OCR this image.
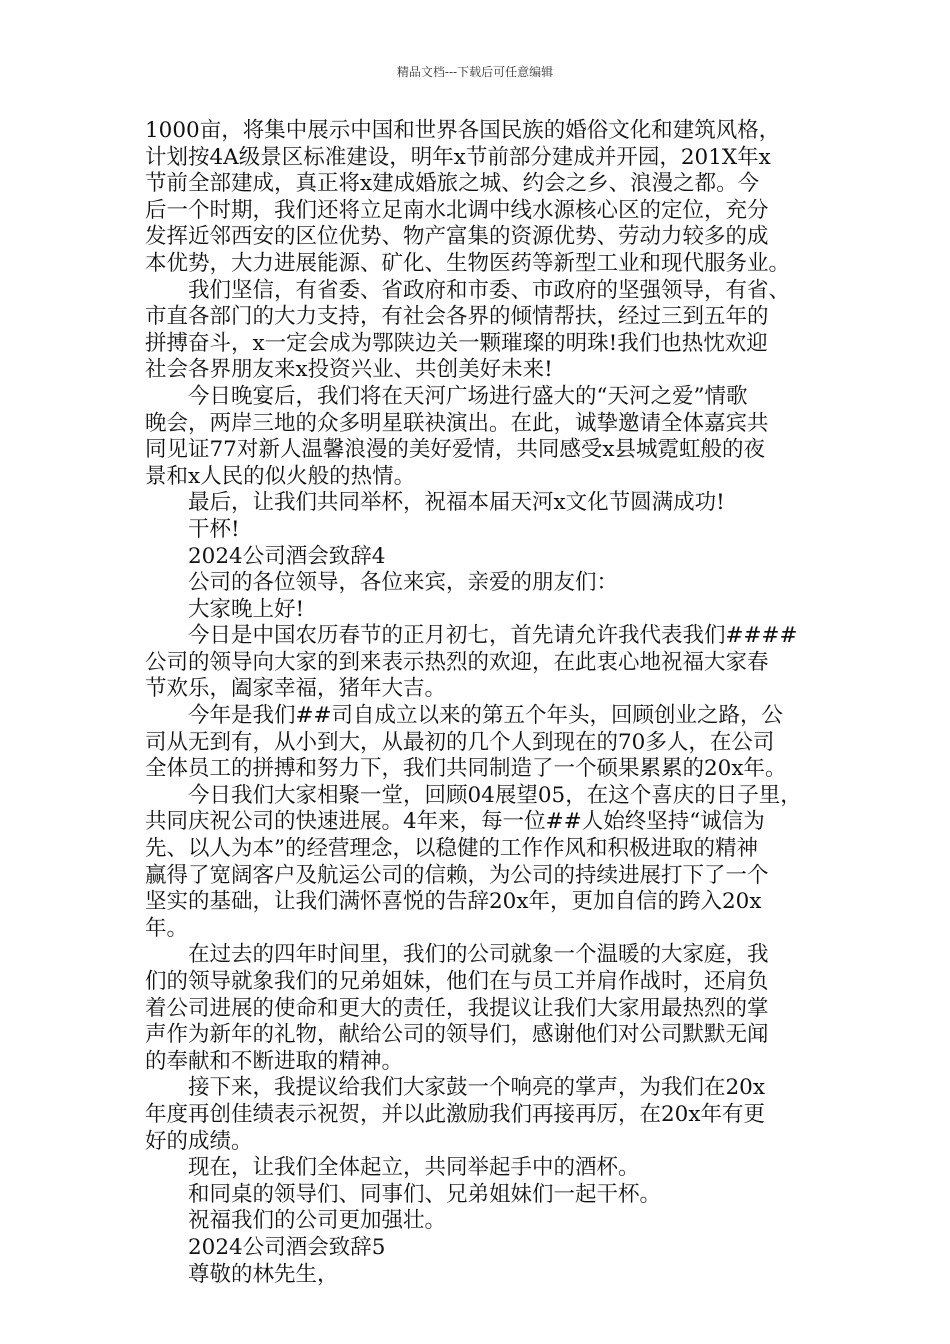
精品文档---下载后可任意编辑
1000亩，将集中展示中国和世界各国民族的婚俗文化和建筑风格，
计划按4A级景区标准建设，明年x节前部分建成并开园，201X年x
节前全部建成，真正将x建成婚旅之城、约会之乡、浪漫之都。今
后一个时期，我们还将立足南水北调中线水源核心区的定位，充分
发挥近邻西安的区位优势、物产富集的资源优势、劳动力较多的成
本优势，大力进展能源、矿化、生物医药等新型工业和现代服务业。
我们坚信，有省委、省政府和市委、市政府的坚强领导，有省、
市直各部门的大力支持，有社会各界的倾情帮扶，经过三到五年的
拼搏奋斗，x一定会成为鄂陕边关一颗璀璨的明珠!我们也热忱欢迎
社会各界朋友来x投资兴业、共创美好未来!
今日晚宴后，我们将在天河广场进行盛大的“天河之爱”情歌
晚会，两岸三地的众多明星联袂演出。在此，诚挚邀请全体嘉宾共
同见证77对新人温馨浪漫的美好爱情，共同感受x县城霓虹般的夜
景和x人民的似火般的热情。
最后，让我们共同举杯，祝福本届天河x文化节圆满成功!
干杯!
2024公司酒会致辞4
公司的各位领导，各位来宾，亲爱的朋友们：
大家晚上好!
今日是中国农历春节的正月初七，首先请允许我代表我们####
公司的领导向大家的到来表示热烈的欢迎，在此衷心地祝福大家春
节欢乐，阖家幸福，猪年大吉。
今年是我们##司自成立以来的第五个年头，回顾创业之路，公
司从无到有，从小到大，从最初的几个人到现在的70多人，在公司
全体员工的拼搏和努力下，我们共同制造了一个硕果累累的20x年。
今日我们大家相聚一堂，回顾04展望05，在这个喜庆的日子里，
共同庆祝公司的快速进展。4年来，每一位##人始终坚持“诚信为
先、以人为本”的经营理念，以稳健的工作作风和积极进取的精神
赢得了宽阔客户及航运公司的信赖，为公司的持续进展打下了一个
坚实的基础，让我们满怀喜悦的告辞20x年，更加自信的跨入20x
年。
在过去的四年时间里，我们的公司就象一个温暖的大家庭，我
们的领导就象我们的兄弟姐妹，他们在与员工并肩作战时，还肩负
着公司进展的使命和更大的责任，我提议让我们大家用最热烈的掌
声作为新年的礼物，献给公司的领导们，感谢他们对公司默默无闻
的奉献和不断进取的精神。
接下来，我提议给我们大家鼓一个响亮的掌声，为我们在20x
年度再创佳绩表示祝贺，并以此激励我们再接再厉，在20x年有更
好的成绩。
现在，让我们全体起立，共同举起手中的酒杯。
和同桌的领导们、同事们、兄弟姐妹们一起干杯。
祝福我们的公司更加强壮。
2024公司酒会致辞5
尊敬的林先生，
